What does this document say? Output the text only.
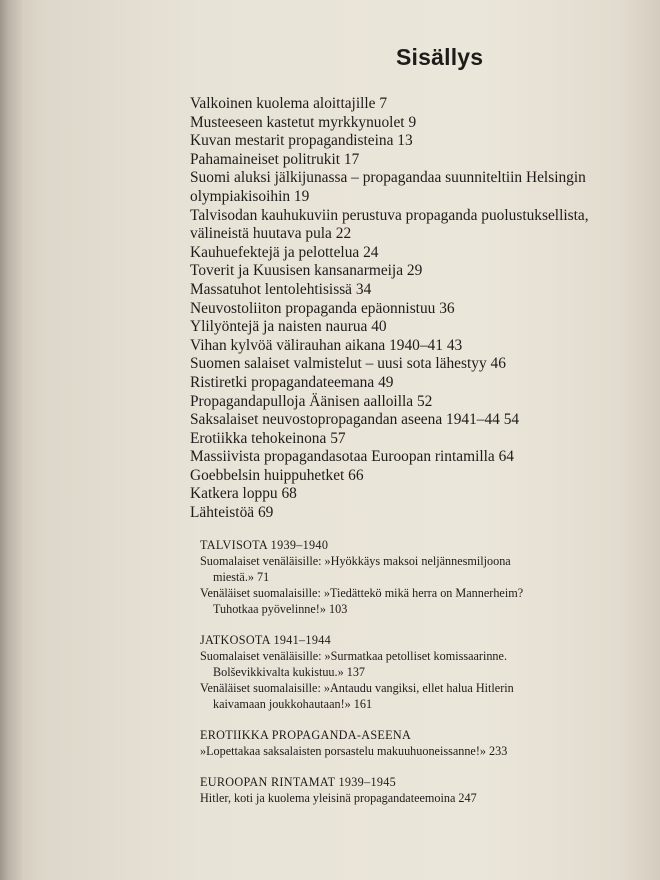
Sisällys
Valkoinen kuolema aloittajille 7
Musteeseen kastetut myrkkynuolet 9
Kuvan mestarit propagandisteina 13
Pahamaineiset politrukit 17
Suomi aluksi jälkijunassa – propagandaa suunniteltiin Helsingin
olympiakisoihin 19
Talvisodan kauhukuviin perustuva propaganda puolustuksellista,
välineistä huutava pula 22
Kauhuefektejä ja pelottelua 24
Toverit ja Kuusisen kansanarmeija 29
Massatuhot lentolehtisissä 34
Neuvostoliiton propaganda epäonnistuu 36
Ylilyöntejä ja naisten naurua 40
Vihan kylvöä välirauhan aikana 1940–41 43
Suomen salaiset valmistelut – uusi sota lähestyy 46
Ristiretki propagandateemana 49
Propagandapulloja Äänisen aalloilla 52
Saksalaiset neuvostopropagandan aseena 1941–44 54
Erotiikka tehokeinona 57
Massiivista propagandasotaa Euroopan rintamilla 64
Goebbelsin huippuhetket 66
Katkera loppu 68
Lähteistöä 69
TALVISOTA 1939–1940
Suomalaiset venäläisille: »Hyökkäys maksoi neljännesmiljoona
miestä.» 71
Venäläiset suomalaisille: »Tiedättekö mikä herra on Mannerheim?
Tuhotkaa pyövelinne!» 103
JATKOSOTA 1941–1944
Suomalaiset venäläisille: »Surmatkaa petolliset komissaarinne.
Bolševikkivalta kukistuu.» 137
Venäläiset suomalaisille: »Antaudu vangiksi, ellet halua Hitlerin
kaivamaan joukkohautaan!» 161
EROTIIKKA PROPAGANDA-ASEENA
»Lopettakaa saksalaisten porsastelu makuuhuoneissanne!» 233
EUROOPAN RINTAMAT 1939–1945
Hitler, koti ja kuolema yleisinä propagandateemoina 247
